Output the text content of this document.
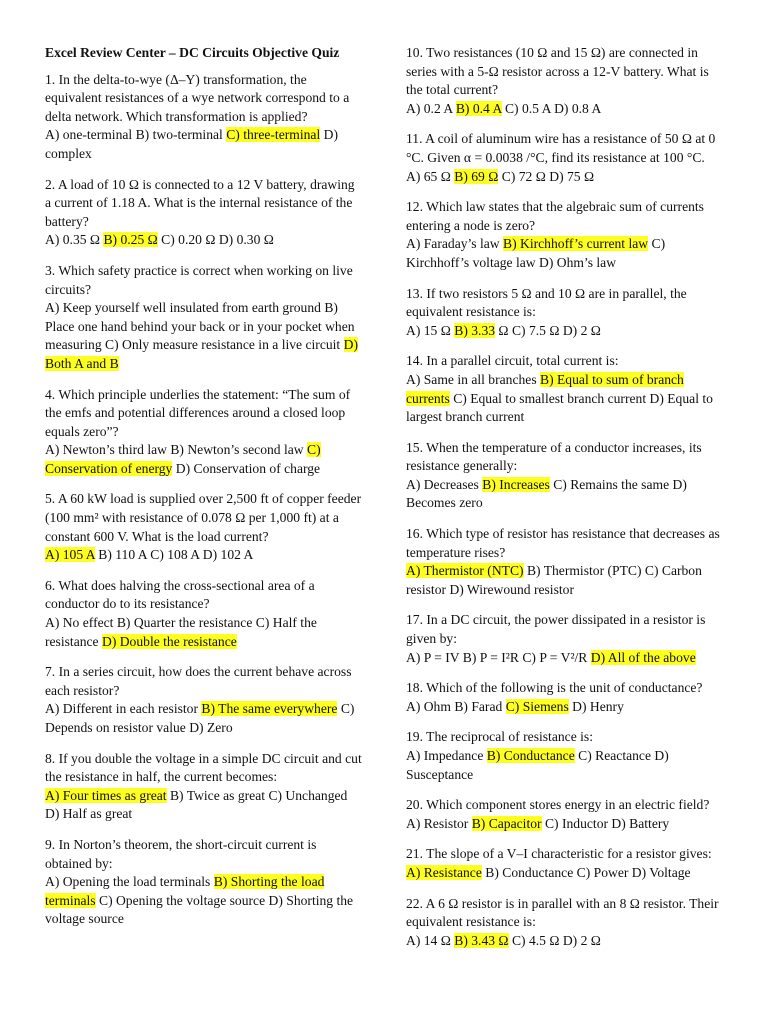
Excel Review Center – DC Circuits Objective Quiz
1. In the delta-to-wye (Δ–Y) transformation, the equivalent resistances of a wye network correspond to a delta network. Which transformation is applied?
A) one-terminal B) two-terminal C) three-terminal D) complex
2. A load of 10 Ω is connected to a 12 V battery, drawing a current of 1.18 A. What is the internal resistance of the battery?
A) 0.35 Ω B) 0.25 Ω C) 0.20 Ω D) 0.30 Ω
3. Which safety practice is correct when working on live circuits?
A) Keep yourself well insulated from earth ground B) Place one hand behind your back or in your pocket when measuring C) Only measure resistance in a live circuit D) Both A and B
4. Which principle underlies the statement: “The sum of the emfs and potential differences around a closed loop equals zero”?
A) Newton’s third law B) Newton’s second law C) Conservation of energy D) Conservation of charge
5. A 60 kW load is supplied over 2,500 ft of copper feeder (100 mm² with resistance of 0.078 Ω per 1,000 ft) at a constant 600 V. What is the load current?
A) 105 A B) 110 A C) 108 A D) 102 A
6. What does halving the cross-sectional area of a conductor do to its resistance?
A) No effect B) Quarter the resistance C) Half the resistance D) Double the resistance
7. In a series circuit, how does the current behave across each resistor?
A) Different in each resistor B) The same everywhere C) Depends on resistor value D) Zero
8. If you double the voltage in a simple DC circuit and cut the resistance in half, the current becomes:
A) Four times as great B) Twice as great C) Unchanged D) Half as great
9. In Norton’s theorem, the short-circuit current is obtained by:
A) Opening the load terminals B) Shorting the load terminals C) Opening the voltage source D) Shorting the voltage source
10. Two resistances (10 Ω and 15 Ω) are connected in series with a 5-Ω resistor across a 12-V battery. What is the total current?
A) 0.2 A B) 0.4 A C) 0.5 A D) 0.8 A
11. A coil of aluminum wire has a resistance of 50 Ω at 0 °C. Given α = 0.0038 /°C, find its resistance at 100 °C.
A) 65 Ω B) 69 Ω C) 72 Ω D) 75 Ω
12. Which law states that the algebraic sum of currents entering a node is zero?
A) Faraday’s law B) Kirchhoff’s current law C) Kirchhoff’s voltage law D) Ohm’s law
13. If two resistors 5 Ω and 10 Ω are in parallel, the equivalent resistance is:
A) 15 Ω B) 3.33 Ω C) 7.5 Ω D) 2 Ω
14. In a parallel circuit, total current is:
A) Same in all branches B) Equal to sum of branch currents C) Equal to smallest branch current D) Equal to largest branch current
15. When the temperature of a conductor increases, its resistance generally:
A) Decreases B) Increases C) Remains the same D) Becomes zero
16. Which type of resistor has resistance that decreases as temperature rises?
A) Thermistor (NTC) B) Thermistor (PTC) C) Carbon resistor D) Wirewound resistor
17. In a DC circuit, the power dissipated in a resistor is given by:
A) P = IV B) P = I²R C) P = V²/R D) All of the above
18. Which of the following is the unit of conductance?
A) Ohm B) Farad C) Siemens D) Henry
19. The reciprocal of resistance is:
A) Impedance B) Conductance C) Reactance D) Susceptance
20. Which component stores energy in an electric field?
A) Resistor B) Capacitor C) Inductor D) Battery
21. The slope of a V–I characteristic for a resistor gives:
A) Resistance B) Conductance C) Power D) Voltage
22. A 6 Ω resistor is in parallel with an 8 Ω resistor. Their equivalent resistance is:
A) 14 Ω B) 3.43 Ω C) 4.5 Ω D) 2 Ω
